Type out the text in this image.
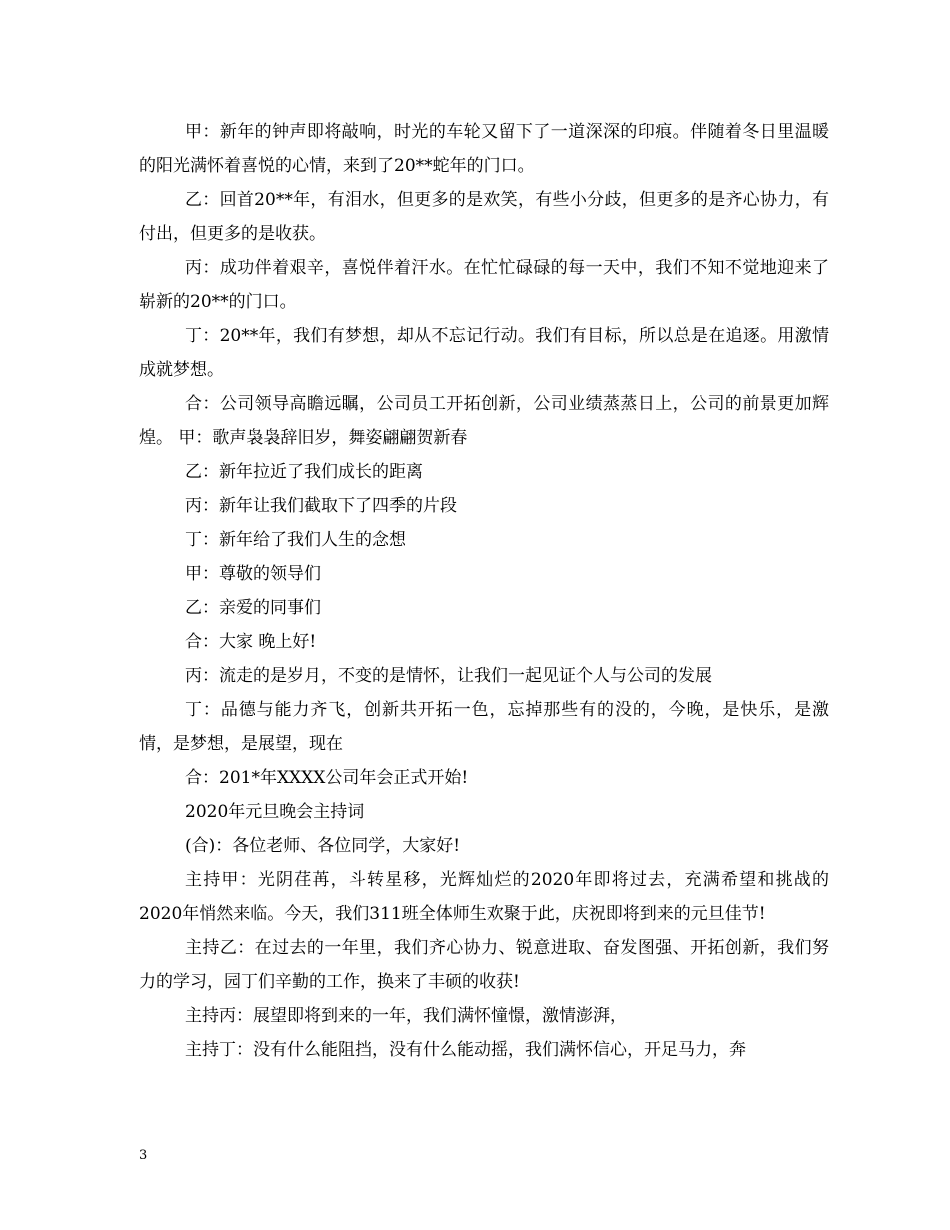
甲：新年的钟声即将敲响，时光的车轮又留下了一道深深的印痕。伴随着冬日里温暖的阳光满怀着喜悦的心情，来到了20**蛇年的门口。

乙：回首20**年，有泪水，但更多的是欢笑，有些小分歧，但更多的是齐心协力，有付出，但更多的是收获。

丙：成功伴着艰辛，喜悦伴着汗水。在忙忙碌碌的每一天中，我们不知不觉地迎来了崭新的20**的门口。

丁：20**年，我们有梦想，却从不忘记行动。我们有目标，所以总是在追逐。用激情成就梦想。

合：公司领导高瞻远瞩，公司员工开拓创新，公司业绩蒸蒸日上，公司的前景更加辉煌。 甲：歌声袅袅辞旧岁，舞姿翩翩贺新春

乙：新年拉近了我们成长的距离

丙：新年让我们截取下了四季的片段

丁：新年给了我们人生的念想

甲：尊敬的领导们

乙：亲爱的同事们

合：大家 晚上好!

丙：流走的是岁月，不变的是情怀，让我们一起见证个人与公司的发展

丁：品德与能力齐飞，创新共开拓一色，忘掉那些有的没的，今晚，是快乐，是激情，是梦想，是展望，现在

合：201*年XXXX公司年会正式开始!

2020年元旦晚会主持词

(合)：各位老师、各位同学，大家好!

主持甲：光阴荏苒，斗转星移，光辉灿烂的2020年即将过去，充满希望和挑战的2020年悄然来临。今天，我们311班全体师生欢聚于此，庆祝即将到来的元旦佳节!

主持乙：在过去的一年里，我们齐心协力、锐意进取、奋发图强、开拓创新，我们努力的学习，园丁们辛勤的工作，换来了丰硕的收获!

主持丙：展望即将到来的一年，我们满怀憧憬，激情澎湃，

主持丁：没有什么能阻挡，没有什么能动摇，我们满怀信心，开足马力，奔

3
